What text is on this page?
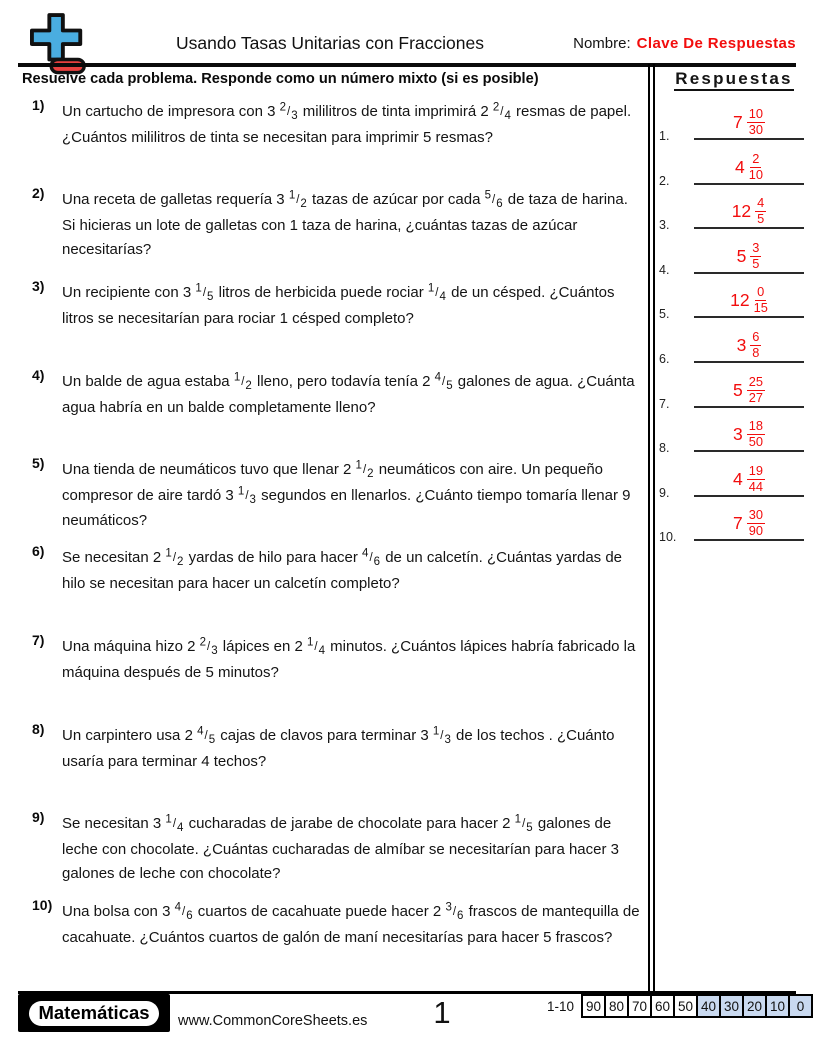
Usando Tasas Unitarias con Fracciones	Nombre: Clave De Respuestas
Resuelve cada problema. Responde como un número mixto (si es posible)	Respuestas
1) Un cartucho de impresora con 3 2/3 mililitros de tinta imprimirá 2 2/4 resmas de papel. ¿Cuántos mililitros de tinta se necesitan para imprimir 5 resmas?
2) Una receta de galletas requería 3 1/2 tazas de azúcar por cada 5/6 de taza de harina. Si hicieras un lote de galletas con 1 taza de harina, ¿cuántas tazas de azúcar necesitarías?
3) Un recipiente con 3 1/5 litros de herbicida puede rociar 1/4 de un césped. ¿Cuántos litros se necesitarían para rociar 1 césped completo?
4) Un balde de agua estaba 1/2 lleno, pero todavía tenía 2 4/5 galones de agua. ¿Cuánta agua habría en un balde completamente lleno?
5) Una tienda de neumáticos tuvo que llenar 2 1/2 neumáticos con aire. Un pequeño compresor de aire tardó 3 1/3 segundos en llenarlos. ¿Cuánto tiempo tomaría llenar 9 neumáticos?
6) Se necesitan 2 1/2 yardas de hilo para hacer 4/6 de un calcetín. ¿Cuántas yardas de hilo se necesitan para hacer un calcetín completo?
7) Una máquina hizo 2 2/3 lápices en 2 1/4 minutos. ¿Cuántos lápices habría fabricado la máquina después de 5 minutos?
8) Un carpintero usa 2 4/5 cajas de clavos para terminar 3 1/3 de los techos . ¿Cuánto usaría para terminar 4 techos?
9) Se necesitan 3 1/4 cucharadas de jarabe de chocolate para hacer 2 1/5 galones de leche con chocolate. ¿Cuántas cucharadas de almíbar se necesitarían para hacer 3 galones de leche con chocolate?
10) Una bolsa con 3 4/6 cuartos de cacahuate puede hacer 2 3/6 frascos de mantequilla de cacahuate. ¿Cuántos cuartos de galón de maní necesitarías para hacer 5 frascos?
1.
$7 \frac{10}{30}$
2.
$4 \frac{2}{10}$
3.
$12 \frac{4}{5}$
4.
$5 \frac{3}{5}$
5.
$12 \frac{0}{15}$
6.
$3 \frac{6}{8}$
7.
$5 \frac{25}{27}$
8.
$3 \frac{18}{50}$
9.
$4 \frac{19}{44}$
10.
$7 \frac{30}{90}$
Matemáticas	www.CommonCoreSheets.es	1	1-10 90 80 70 60 50 40 30 20 10 0
